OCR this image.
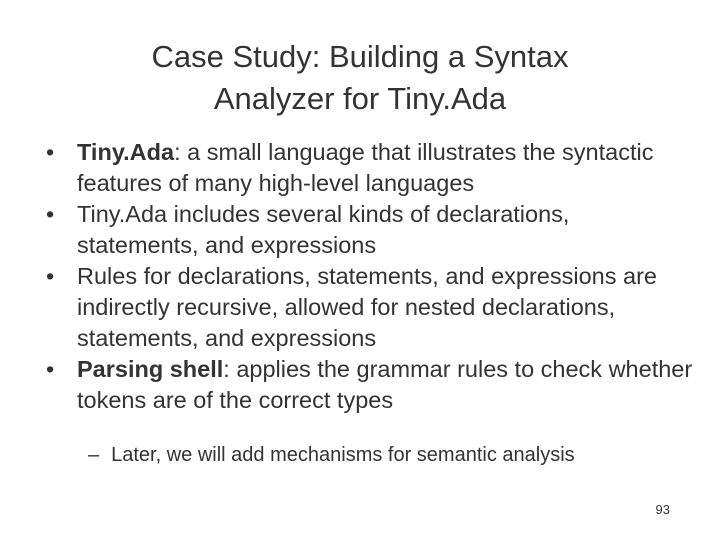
Case Study: Building a Syntax
Analyzer for Tiny.Ada
• Tiny.Ada: a small language that illustrates the syntactic features of many high-level languages
• Tiny.Ada includes several kinds of declarations, statements, and expressions
• Rules for declarations, statements, and expressions are indirectly recursive, allowed for nested declarations, statements, and expressions
• Parsing shell: applies the grammar rules to check whether tokens are of the correct types
– Later, we will add mechanisms for semantic analysis
93
